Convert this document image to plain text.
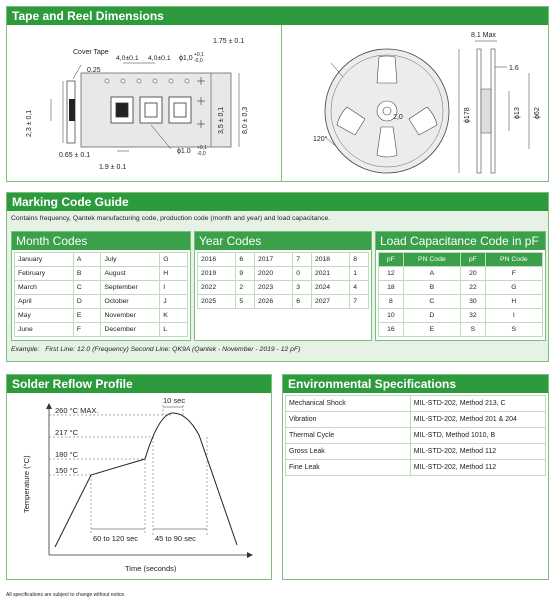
Tape and Reel Dimensions
Cover Tape
0.25
4,0±0,1 4,0±0,1 ϕ1,0 +0,1
-0,0
1.75 ± 0.1
2,3 ± 0,1	3,5 ± 0,1 8,0 ± 0,3
0.65 ± 0.1
1.9 ± 0.1
ϕ1.0 +0,1
-0,0
8.1 Max
1.6
2,0	ϕ178	ϕ13 ϕ62
120°
Marking Code Guide
Contains frequency, Qantek manufacturing code, production code (month and year) and load capacitance.
Month Codes
January	A	July	G
February	B	August	H
March	C	September	I
April	D	October	J
May	E	November	K
June	F	December	L
Year Codes
2016	6	2017	7	2018	8
2019	9	2020	0	2021	1
2022	2	2023	3	2024	4
2025	5	2026	6	2027	7
Load Capacitance Code in pF
pF	PN Code	pF	PN Code
12	A	20	F
18	B	22	G
8	C	30	H
10	D	32	I
16	E	S	S
Example: First Line: 12.0 (Frequency) Second Line: QK9A (Qantek - November - 2019 - 12 pF)
Solder Reflow Profile
Temperature (°C)
Time (seconds)
260 °C MAX.
217 °C
180 °C
150 °C
10 sec
60 to 120 sec 45 to 90 sec
Environmental Specifications
Mechanical Shock	MIL-STD-202, Method 213, C
Vibration	MIL-STD-202, Method 201 & 204
Thermal Cycle	MIL-STD, Method 1010, B
Gross Leak	MIL-STD-202, Method 112
Fine Leak	MIL-STD-202, Method 112
All specifications are subject to change without notice.
